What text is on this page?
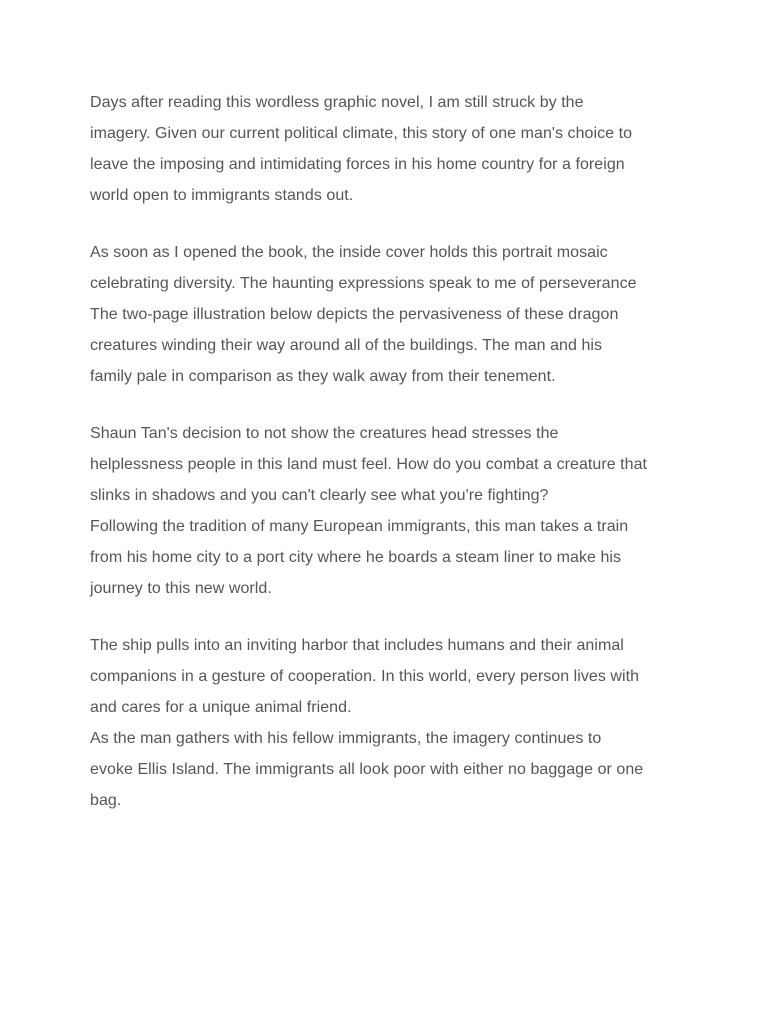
Days after reading this wordless graphic novel, I am still struck by the
imagery. Given our current political climate, this story of one man's choice to
leave the imposing and intimidating forces in his home country for a foreign
world open to immigrants stands out.

As soon as I opened the book, the inside cover holds this portrait mosaic
celebrating diversity. The haunting expressions speak to me of perseverance
The two-page illustration below depicts the pervasiveness of these dragon
creatures winding their way around all of the buildings. The man and his
family pale in comparison as they walk away from their tenement.

Shaun Tan's decision to not show the creatures head stresses the
helplessness people in this land must feel. How do you combat a creature that
slinks in shadows and you can't clearly see what you're fighting?
Following the tradition of many European immigrants, this man takes a train
from his home city to a port city where he boards a steam liner to make his
journey to this new world.

The ship pulls into an inviting harbor that includes humans and their animal
companions in a gesture of cooperation. In this world, every person lives with
and cares for a unique animal friend.
As the man gathers with his fellow immigrants, the imagery continues to
evoke Ellis Island. The immigrants all look poor with either no baggage or one
bag.
